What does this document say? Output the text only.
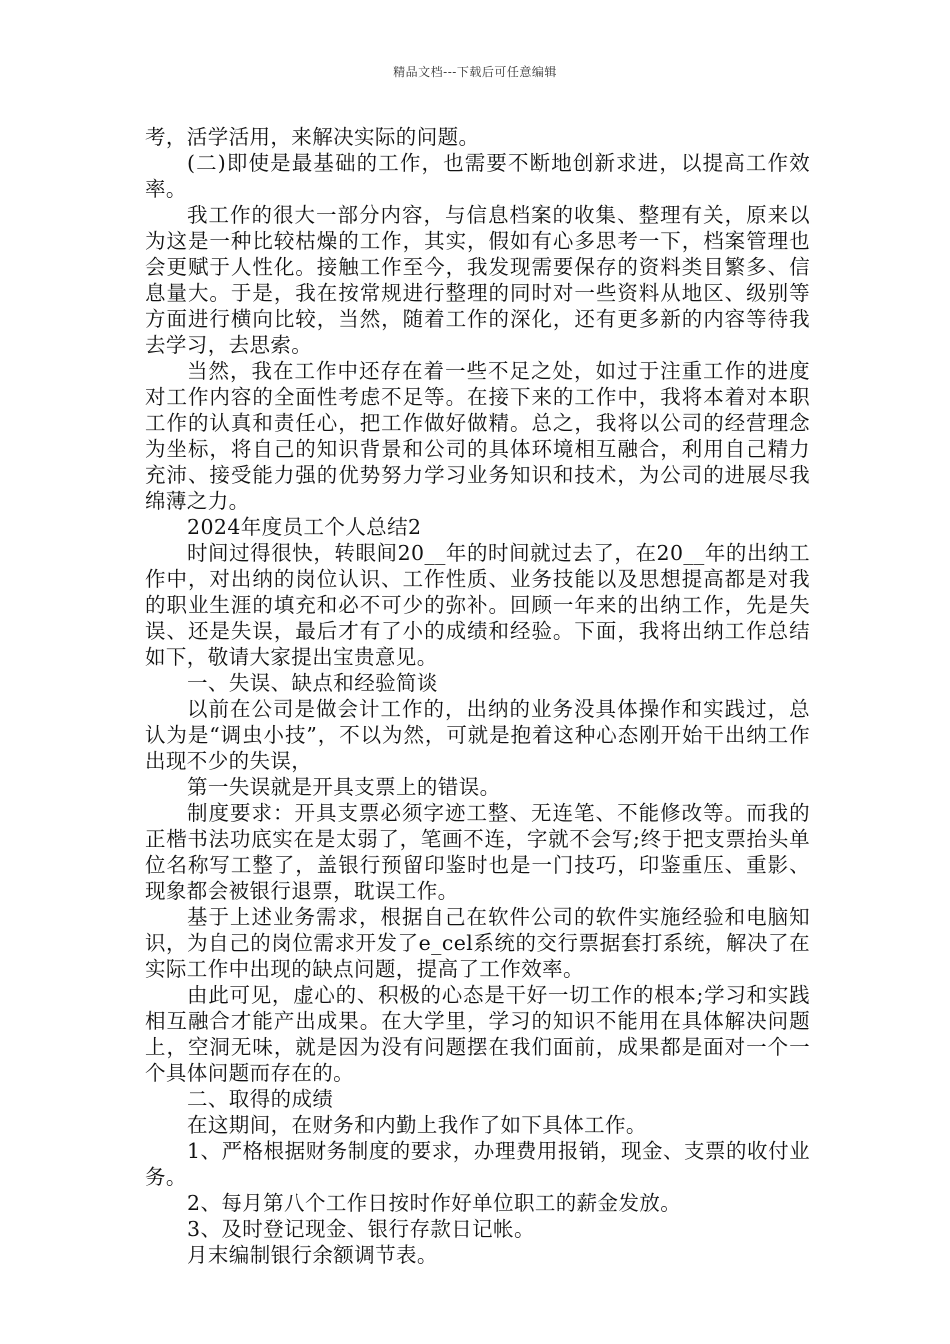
精品文档---下载后可任意编辑

考，活学活用，来解决实际的问题。

(二)即使是最基础的工作，也需要不断地创新求进，以提高工作效率。

我工作的很大一部分内容，与信息档案的收集、整理有关，原来以为这是一种比较枯燥的工作，其实，假如有心多思考一下，档案管理也会更赋于人性化。接触工作至今，我发现需要保存的资料类目繁多、信息量大。于是，我在按常规进行整理的同时对一些资料从地区、级别等方面进行横向比较，当然，随着工作的深化，还有更多新的内容等待我去学习，去思索。

当然，我在工作中还存在着一些不足之处，如过于注重工作的进度对工作内容的全面性考虑不足等。在接下来的工作中，我将本着对本职工作的认真和责任心，把工作做好做精。总之，我将以公司的经营理念为坐标，将自己的知识背景和公司的具体环境相互融合，利用自己精力充沛、接受能力强的优势努力学习业务知识和技术，为公司的进展尽我绵薄之力。

2024年度员工个人总结2

时间过得很快，转眼间20__年的时间就过去了，在20__年的出纳工作中，对出纳的岗位认识、工作性质、业务技能以及思想提高都是对我的职业生涯的填充和必不可少的弥补。回顾一年来的出纳工作，先是失误、还是失误，最后才有了小的成绩和经验。下面，我将出纳工作总结如下，敬请大家提出宝贵意见。

一、失误、缺点和经验简谈

以前在公司是做会计工作的，出纳的业务没具体操作和实践过，总认为是“调虫小技”，不以为然，可就是抱着这种心态刚开始干出纳工作出现不少的失误，

第一失误就是开具支票上的错误。

制度要求：开具支票必须字迹工整、无连笔、不能修改等。而我的正楷书法功底实在是太弱了，笔画不连，字就不会写;终于把支票抬头单位名称写工整了，盖银行预留印鉴时也是一门技巧，印鉴重压、重影、现象都会被银行退票，耽误工作。

基于上述业务需求，根据自己在软件公司的软件实施经验和电脑知识，为自己的岗位需求开发了e_cel系统的交行票据套打系统，解决了在实际工作中出现的缺点问题，提高了工作效率。

由此可见，虚心的、积极的心态是干好一切工作的根本;学习和实践相互融合才能产出成果。在大学里，学习的知识不能用在具体解决问题上，空洞无味，就是因为没有问题摆在我们面前，成果都是面对一个一个具体问题而存在的。

二、取得的成绩

在这期间，在财务和内勤上我作了如下具体工作。

1、严格根据财务制度的要求，办理费用报销，现金、支票的收付业务。

2、每月第八个工作日按时作好单位职工的薪金发放。

3、及时登记现金、银行存款日记帐。

月末编制银行余额调节表。
